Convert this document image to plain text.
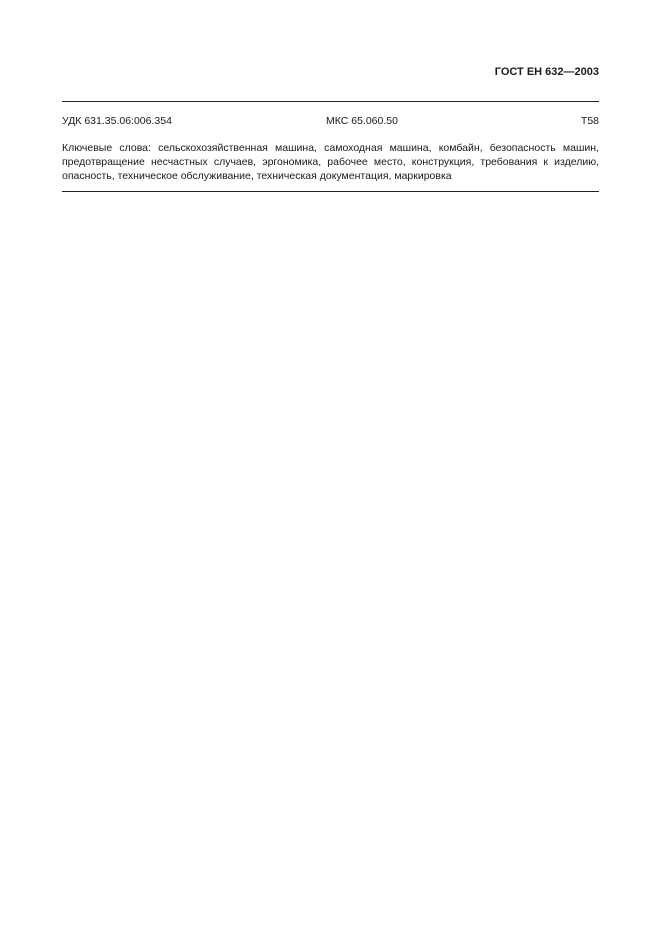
ГОСТ ЕН 632—2003
УДК 631.35.06:006.354	МКС 65.060.50	Т58
Ключевые слова: сельскохозяйственная машина, самоходная машина, комбайн, безопасность машин, предотвращение несчастных случаев, эргономика, рабочее место, конструкция, требования к изделию, опасность, техническое обслуживание, техническая документация, маркировка
